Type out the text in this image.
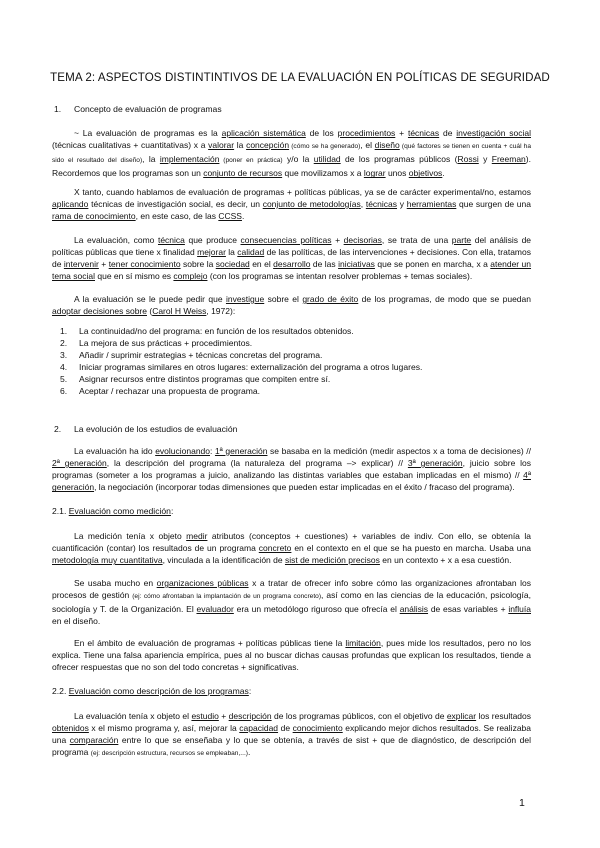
TEMA 2: ASPECTOS DISTINTINTIVOS DE LA EVALUACIÓN EN POLÍTICAS DE SEGURIDAD
1. Concepto de evaluación de programas
~ La evaluación de programas es la aplicación sistemática de los procedimientos + técnicas de investigación social (técnicas cualitativas + cuantitativas) x a valorar la concepción (cómo se ha generado), el diseño (qué factores se tienen en cuenta + cuál ha sido el resultado del diseño), la implementación (poner en práctica) y/o la utilidad de los programas públicos (Rossi y Freeman). Recordemos que los programas son un conjunto de recursos que movilizamos x a lograr unos objetivos.
X tanto, cuando hablamos de evaluación de programas + políticas públicas, ya se de carácter experimental/no, estamos aplicando técnicas de investigación social, es decir, un conjunto de metodologías, técnicas y herramientas que surgen de una rama de conocimiento, en este caso, de las CCSS.
La evaluación, como técnica que produce consecuencias políticas + decisorias, se trata de una parte del análisis de políticas públicas que tiene x finalidad mejorar la calidad de las políticas, de las intervenciones + decisiones. Con ella, tratamos de intervenir + tener conocimiento sobre la sociedad en el desarrollo de las iniciativas que se ponen en marcha, x a atender un tema social que en sí mismo es complejo (con los programas se intentan resolver problemas + temas sociales).
A la evaluación se le puede pedir que investigue sobre el grado de éxito de los programas, de modo que se puedan adoptar decisiones sobre (Carol H Weiss, 1972):
1. La continuidad/no del programa: en función de los resultados obtenidos.
2. La mejora de sus prácticas + procedimientos.
3. Añadir / suprimir estrategias + técnicas concretas del programa.
4. Iniciar programas similares en otros lugares: externalización del programa a otros lugares.
5. Asignar recursos entre distintos programas que compiten entre sí.
6. Aceptar / rechazar una propuesta de programa.
2. La evolución de los estudios de evaluación
La evaluación ha ido evolucionando: 1ª generación se basaba en la medición (medir aspectos x a toma de decisiones) // 2ª generación, la descripción del programa (la naturaleza del programa –> explicar) // 3ª generación, juicio sobre los programas (someter a los programas a juicio, analizando las distintas variables que estaban implicadas en el mismo) // 4ª generación, la negociación (incorporar todas dimensiones que pueden estar implicadas en el éxito / fracaso del programa).
2.1. Evaluación como medición:
La medición tenía x objeto medir atributos (conceptos + cuestiones) + variables de indiv. Con ello, se obtenía la cuantificación (contar) los resultados de un programa concreto en el contexto en el que se ha puesto en marcha. Usaba una metodología muy cuantitativa, vinculada a la identificación de sist de medición precisos en un contexto + x a esa cuestión.
Se usaba mucho en organizaciones públicas x a tratar de ofrecer info sobre cómo las organizaciones afrontaban los procesos de gestión (ej: cómo afrontaban la implantación de un programa concreto), así como en las ciencias de la educación, psicología, sociología y T. de la Organización. El evaluador era un metodólogo riguroso que ofrecía el análisis de esas variables + influía en el diseño.
En el ámbito de evaluación de programas + políticas públicas tiene la limitación, pues mide los resultados, pero no los explica. Tiene una falsa apariencia empírica, pues al no buscar dichas causas profundas que explican los resultados, tiende a ofrecer respuestas que no son del todo concretas + significativas.
2.2. Evaluación como descripción de los programas:
La evaluación tenía x objeto el estudio + descripción de los programas públicos, con el objetivo de explicar los resultados obtenidos x el mismo programa y, así, mejorar la capacidad de conocimiento explicando mejor dichos resultados. Se realizaba una comparación entre lo que se enseñaba y lo que se obtenía, a través de sist + que de diagnóstico, de descripción del programa (ej: descripción estructura, recursos se empleaban,...).
1
